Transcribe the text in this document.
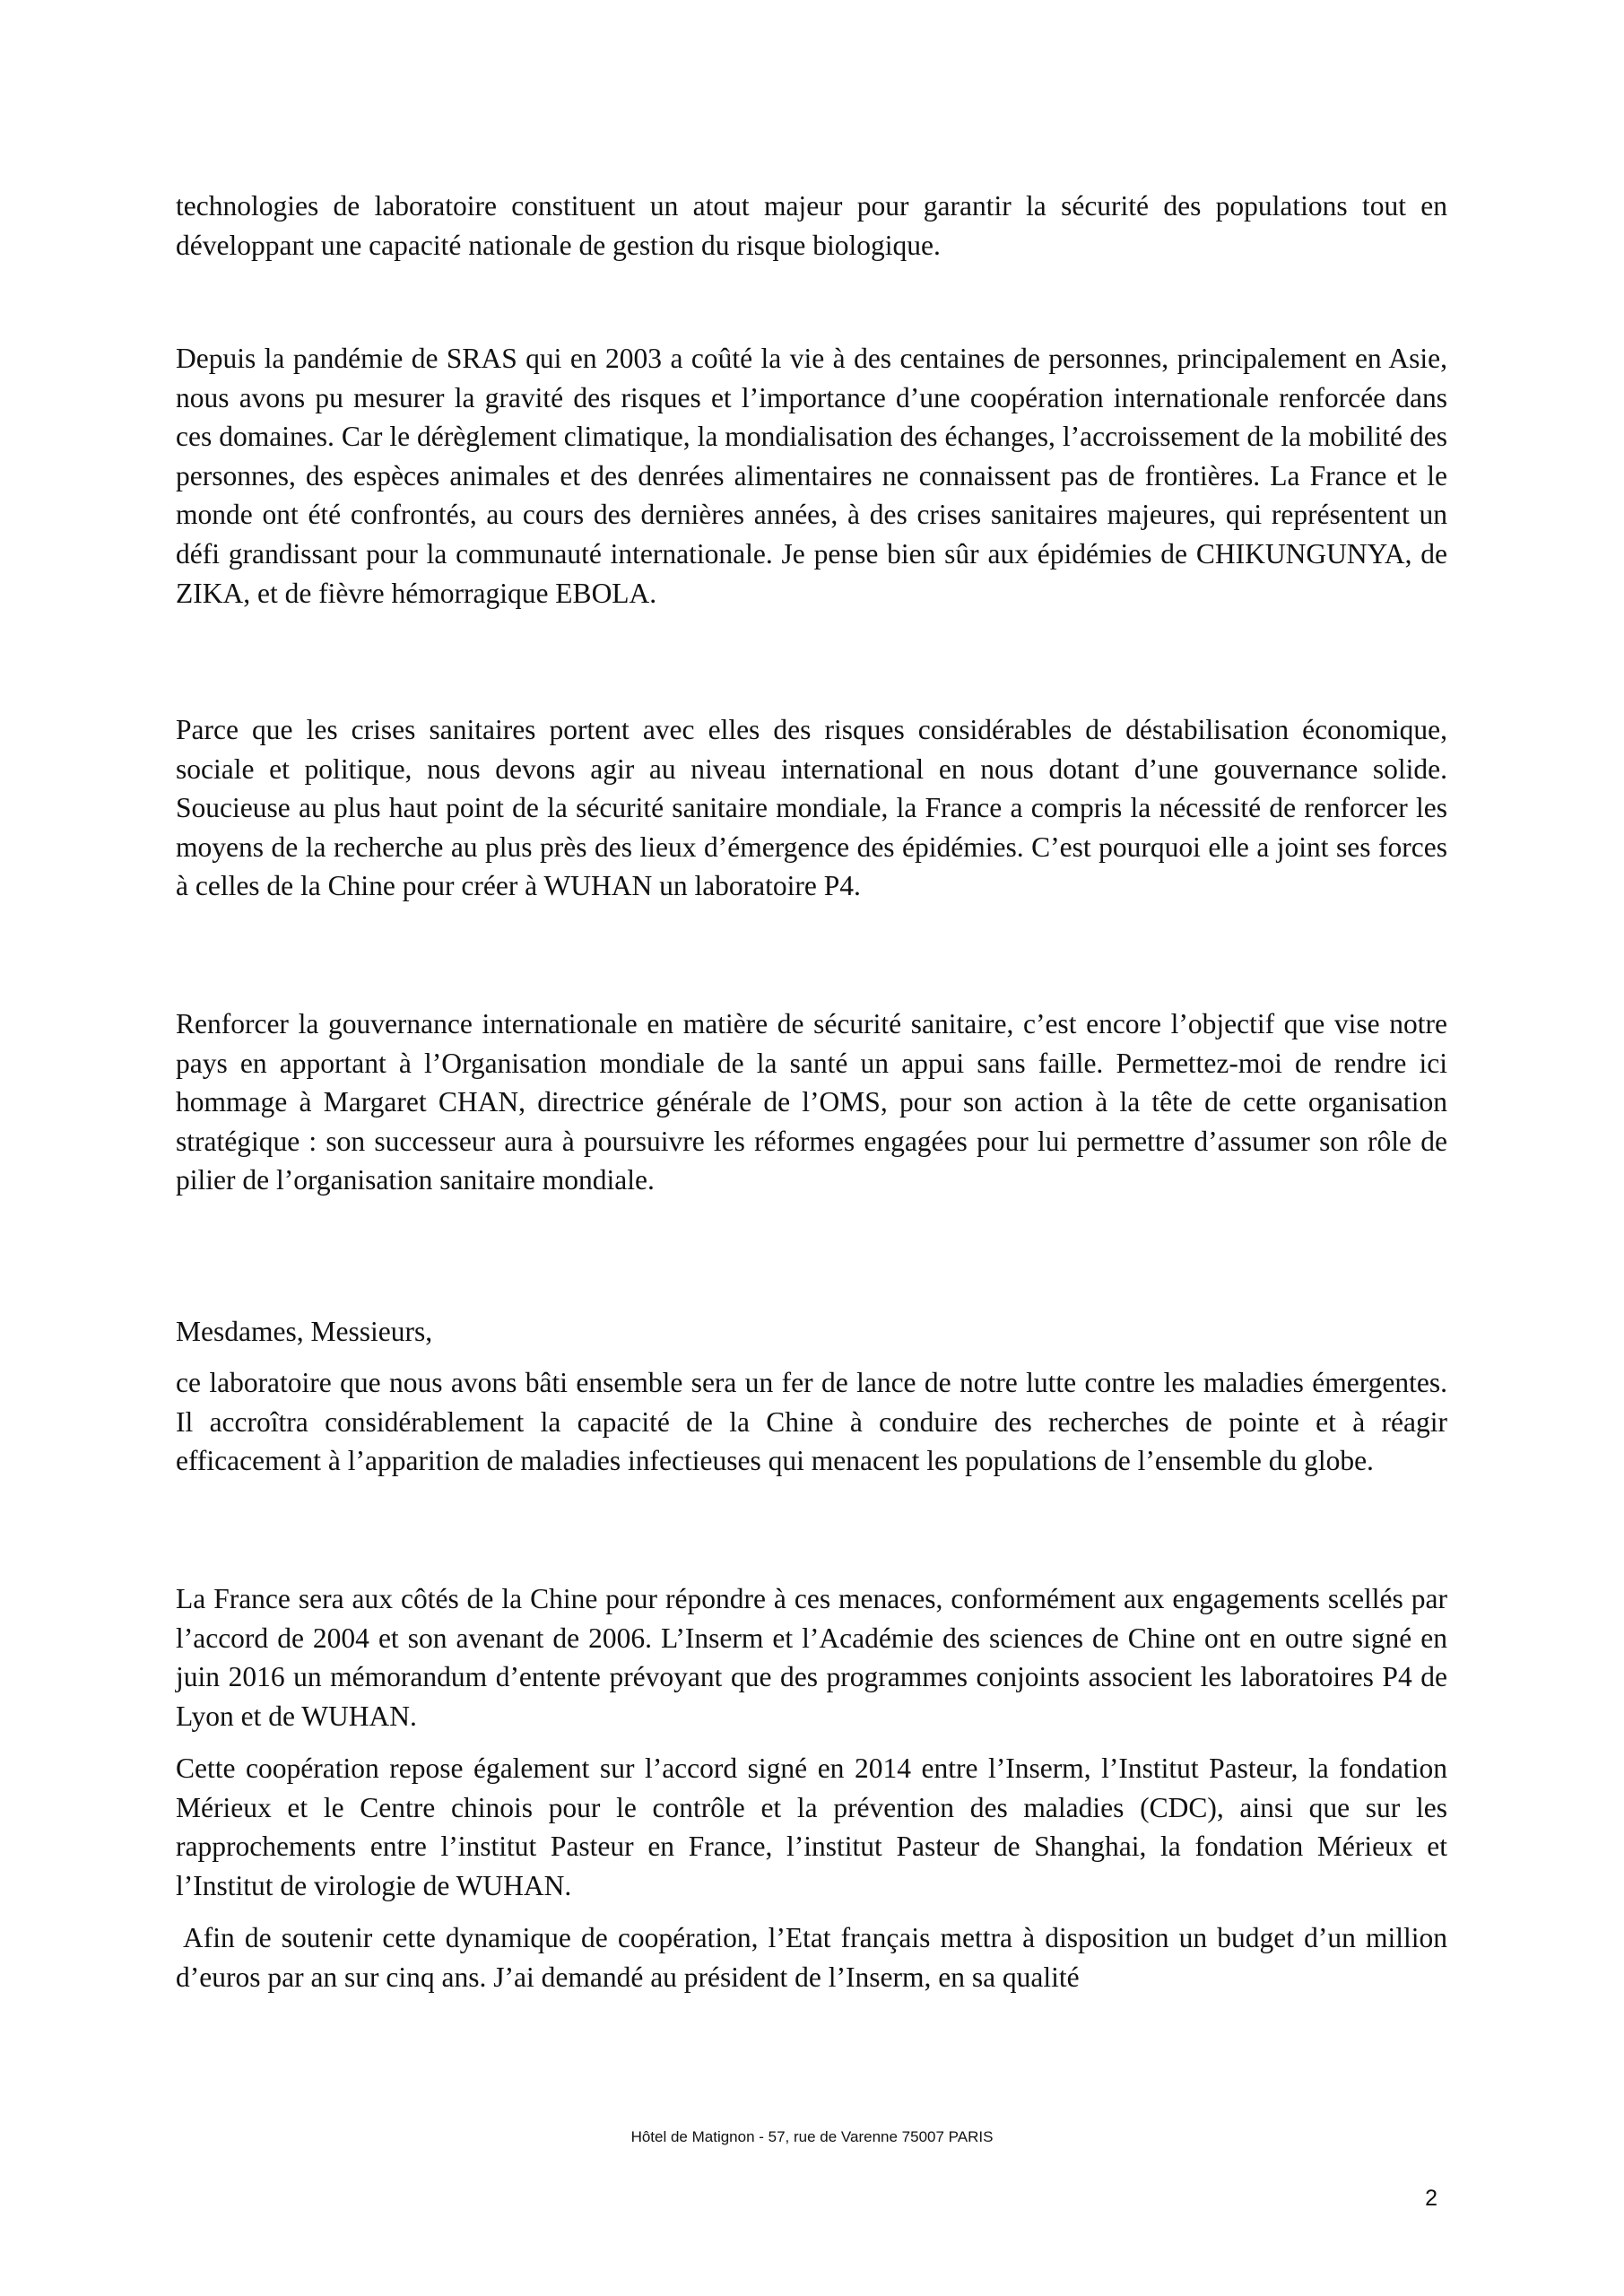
technologies de laboratoire constituent un atout majeur pour garantir la sécurité des populations tout en développant une capacité nationale de gestion du risque biologique.

Depuis la pandémie de SRAS qui en 2003 a coûté la vie à des centaines de personnes, principalement en Asie, nous avons pu mesurer la gravité des risques et l’importance d’une coopération internationale renforcée dans ces domaines. Car le dérèglement climatique, la mondialisation des échanges, l’accroissement de la mobilité des personnes, des espèces animales et des denrées alimentaires ne connaissent pas de frontières. La France et le monde ont été confrontés, au cours des dernières années, à des crises sanitaires majeures, qui représentent un défi grandissant pour la communauté internationale. Je pense bien sûr aux épidémies de CHIKUNGUNYA, de ZIKA, et de fièvre hémorragique EBOLA.

Parce que les crises sanitaires portent avec elles des risques considérables de déstabilisation économique, sociale et politique, nous devons agir au niveau international en nous dotant d’une gouvernance solide. Soucieuse au plus haut point de la sécurité sanitaire mondiale, la France a compris la nécessité de renforcer les moyens de la recherche au plus près des lieux d’émergence des épidémies. C’est pourquoi elle a joint ses forces à celles de la Chine pour créer à WUHAN un laboratoire P4.

Renforcer la gouvernance internationale en matière de sécurité sanitaire, c’est encore l’objectif que vise notre pays en apportant à l’Organisation mondiale de la santé un appui sans faille. Permettez-moi de rendre ici hommage à Margaret CHAN, directrice générale de l’OMS, pour son action à la tête de cette organisation stratégique : son successeur aura à poursuivre les réformes engagées pour lui permettre d’assumer son rôle de pilier de l’organisation sanitaire mondiale.

Mesdames, Messieurs,

ce laboratoire que nous avons bâti ensemble sera un fer de lance de notre lutte contre les maladies émergentes. Il accroîtra considérablement la capacité de la Chine à conduire des recherches de pointe et à réagir efficacement à l’apparition de maladies infectieuses qui menacent les populations de l’ensemble du globe.

La France sera aux côtés de la Chine pour répondre à ces menaces, conformément aux engagements scellés par l’accord de 2004 et son avenant de 2006. L’Inserm et l’Académie des sciences de Chine ont en outre signé en juin 2016 un mémorandum d’entente prévoyant que des programmes conjoints associent les laboratoires P4 de Lyon et de WUHAN.

Cette coopération repose également sur l’accord signé en 2014 entre l’Inserm, l’Institut Pasteur, la fondation Mérieux et le Centre chinois pour le contrôle et la prévention des maladies (CDC), ainsi que sur les rapprochements entre l’institut Pasteur en France, l’institut Pasteur de Shanghai, la fondation Mérieux et l’Institut de virologie de WUHAN.

Afin de soutenir cette dynamique de coopération, l’Etat français mettra à disposition un budget d’un million d’euros par an sur cinq ans. J’ai demandé au président de l’Inserm, en sa qualité

Hôtel de Matignon - 57, rue de Varenne 75007 PARIS
2
